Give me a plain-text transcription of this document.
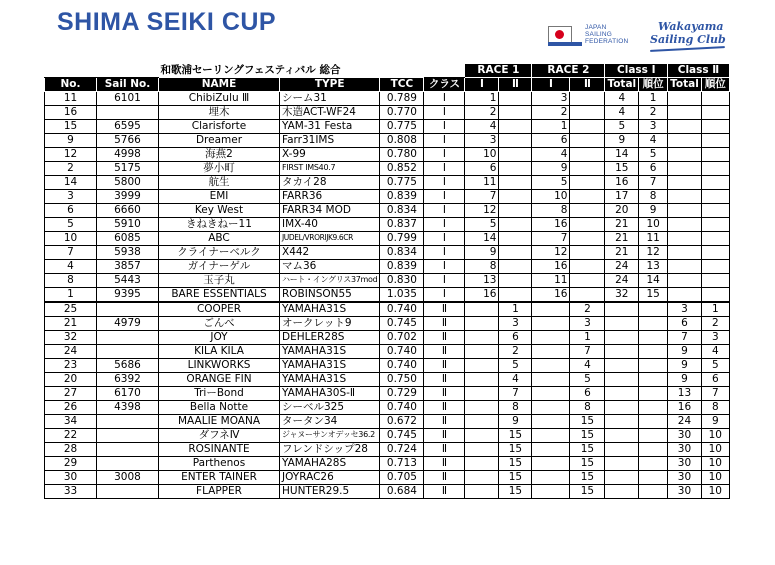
SHIMA SEIKI CUP	JAPAN
SAILING
FEDERATION
Wakayama
Sailing Club
		和歌浦セーリングフェスティバル 総合				RACE 1		RACE 2		Class Ⅰ		Class Ⅱ	
No.	Sail No.	NAME	TYPE	TCC	クラス	Ⅰ	Ⅱ	Ⅰ	Ⅱ	Total	順位	Total	順位
11	6101	ChibiZulu Ⅲ	シーム31	0.789	Ⅰ	1		3		4	1		
16		埋木	木造ACT-WF24	0.770	Ⅰ	2		2		4	2		
15	6595	Clarisforte	YAM-31 Festa	0.775	Ⅰ	4		1		5	3		
9	5766	Dreamer	Farr31IMS	0.808	Ⅰ	3		6		9	4		
12	4998	海燕2	X-99	0.780	Ⅰ	10		4		14	5		
2	5175	夢小町	FIRST IMS40.7	0.852	Ⅰ	6		9		15	6		
14	5800	航生	タカイ28	0.775	Ⅰ	11		5		16	7		
3	3999	EMI	FARR36	0.839	Ⅰ	7		10		17	8		
6	6660	Key West	FARR34 MOD	0.834	Ⅰ	12		8		20	9		
5	5910	きねきねー11	IMX-40	0.837	Ⅰ	5		16		21	10		
10	6085	ABC	JUDEL/VRORIJK9.6CR	0.799	Ⅰ	14		7		21	11		
7	5938	クライナーベルク	X442	0.834	Ⅰ	9		12		21	12		
4	3857	ガイナーゲル	マム36	0.839	Ⅰ	8		16		24	13		
8	5443	玉子丸	ハート・イングリス37mod	0.830	Ⅰ	13		11		24	14		
1	9395	BARE ESSENTIALS	ROBINSON55	1.035	Ⅰ	16		16		32	15		
25		COOPER	YAMAHA31S	0.740	Ⅱ		1		2			3	1
21	4979	ごんべ	オークレット9	0.745	Ⅱ		3		3			6	2
32		JOY	DEHLER28S	0.702	Ⅱ		6		1			7	3
24		KILA KILA	YAMAHA31S	0.740	Ⅱ		2		7			9	4
23	5686	LINKWORKS	YAMAHA31S	0.740	Ⅱ		5		4			9	5
20	6392	ORANGE FIN	YAMAHA31S	0.750	Ⅱ		4		5			9	6
27	6170	TriーBond	YAMAHA30S-Ⅱ	0.729	Ⅱ		7		6			13	7
26	4398	Bella Notte	シーベル325	0.740	Ⅱ		8		8			16	8
34		MAALIE MOANA	タータン34	0.672	Ⅱ		9		15			24	9
22		ダフネⅣ	ジャヌーサンオデッセ36.2	0.745	Ⅱ		15		15			30	10
28		ROSINANTE	フレンドシップ28	0.724	Ⅱ		15		15			30	10
29		Parthenos	YAMAHA28S	0.713	Ⅱ		15		15			30	10
30	3008	ENTER TAINER	JOYRAC26	0.705	Ⅱ		15		15			30	10
33		FLAPPER	HUNTER29.5	0.684	Ⅱ		15		15			30	10
